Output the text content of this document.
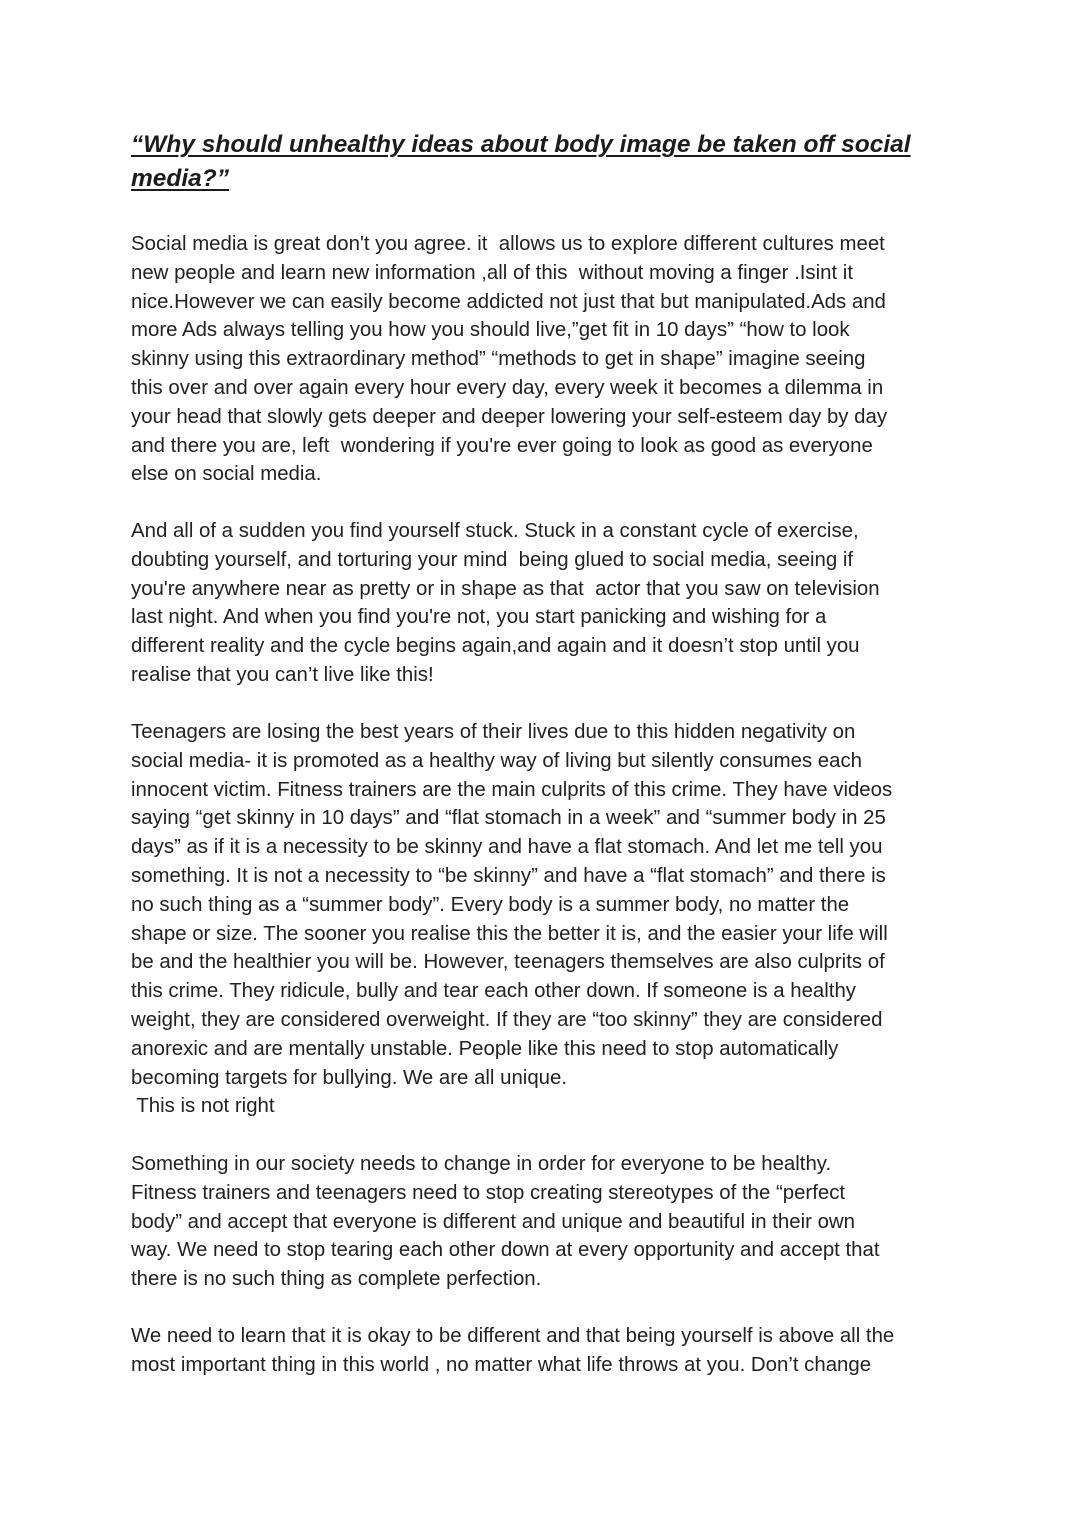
“Why should unhealthy ideas about body image be taken off social
media?”

Social media is great don't you agree. it  allows us to explore different cultures meet
new people and learn new information ,all of this  without moving a finger .Isint it
nice.However we can easily become addicted not just that but manipulated.Ads and
more Ads always telling you how you should live,”get fit in 10 days” “how to look
skinny using this extraordinary method” “methods to get in shape” imagine seeing
this over and over again every hour every day, every week it becomes a dilemma in
your head that slowly gets deeper and deeper lowering your self-esteem day by day
and there you are, left  wondering if you're ever going to look as good as everyone
else on social media.

And all of a sudden you find yourself stuck. Stuck in a constant cycle of exercise,
doubting yourself, and torturing your mind  being glued to social media, seeing if
you're anywhere near as pretty or in shape as that  actor that you saw on television
last night. And when you find you're not, you start panicking and wishing for a
different reality and the cycle begins again,and again and it doesn’t stop until you
realise that you can’t live like this!

Teenagers are losing the best years of their lives due to this hidden negativity on
social media- it is promoted as a healthy way of living but silently consumes each
innocent victim. Fitness trainers are the main culprits of this crime. They have videos
saying “get skinny in 10 days” and “flat stomach in a week” and “summer body in 25
days” as if it is a necessity to be skinny and have a flat stomach. And let me tell you
something. It is not a necessity to “be skinny” and have a “flat stomach” and there is
no such thing as a “summer body”. Every body is a summer body, no matter the
shape or size. The sooner you realise this the better it is, and the easier your life will
be and the healthier you will be. However, teenagers themselves are also culprits of
this crime. They ridicule, bully and tear each other down. If someone is a healthy
weight, they are considered overweight. If they are “too skinny” they are considered
anorexic and are mentally unstable. People like this need to stop automatically
becoming targets for bullying. We are all unique.
This is not right

Something in our society needs to change in order for everyone to be healthy.
Fitness trainers and teenagers need to stop creating stereotypes of the “perfect
body” and accept that everyone is different and unique and beautiful in their own
way. We need to stop tearing each other down at every opportunity and accept that
there is no such thing as complete perfection.

We need to learn that it is okay to be different and that being yourself is above all the
most important thing in this world , no matter what life throws at you. Don’t change
